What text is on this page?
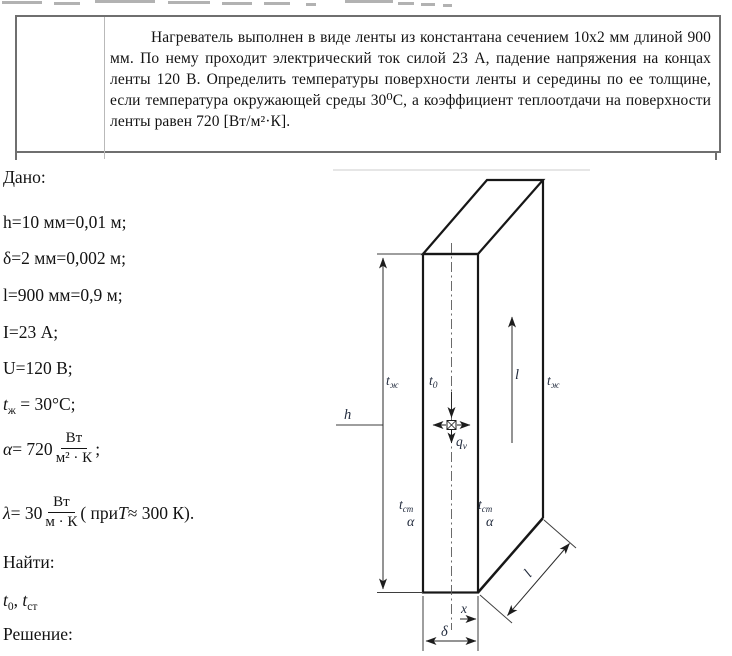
Нагреватель выполнен в виде ленты из константана сечением 10х2 мм длиной 900 мм. По нему проходит электрический ток силой 23 А, падение напряжения на концах ленты 120 В. Определить температуры поверхности ленты и середины по ее толщине, если температура окружающей среды 30⁰С, а коэффициент теплоотдачи на поверхности ленты равен 720 [Вт/м²·К].
Дано:
h=10 мм=0,01 м;
δ=2 мм=0,002 м;
l=900 мм=0,9 м;
I=23 А;
U=120 В;
$t_ж = 30^\circ С$;
$\alpha = 720 \frac{Вт}{\text{м² · К}}$ ;
$\lambda = 30 \frac{Вт}{м \cdot К}$ ( при T ≈ 300 К).
Найти:
$t_0$, $t_{ст}$
Решение:
h
$t_ж$ $t_0$
l $t_ж$
$q_v$
$t_{ст}$
α
$t_{ст}$
α
x
δ
l
